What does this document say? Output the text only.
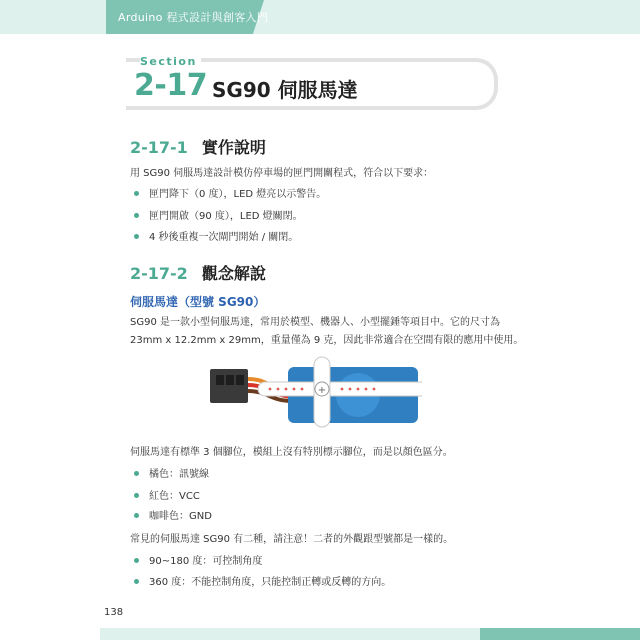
Arduino 程式設計與創客入門
Section
2-17 SG90 伺服馬達
2-17-1 實作說明
用 SG90 伺服馬達設計模仿停車場的匣門開關程式，符合以下要求：
匣門降下（0 度），LED 燈亮以示警告。
匣門開啟（90 度），LED 燈關閉。
4 秒後重複一次閘門開始 / 關閉。
2-17-2 觀念解說
伺服馬達（型號 SG90）
SG90 是一款小型伺服馬達，常用於模型、機器人、小型擺錘等項目中。它的尺寸為
23mm x 12.2mm x 29mm，重量僅為 9 克，因此非常適合在空間有限的應用中使用。
+
伺服馬達有標準 3 個腳位，模組上沒有特別標示腳位，而是以顏色區分。
橘色：訊號線
紅色：VCC
咖啡色：GND
常見的伺服馬達 SG90 有二種，請注意！二者的外觀跟型號都是一樣的。
90~180 度：可控制角度
360 度：不能控制角度，只能控制正轉或反轉的方向。
138
